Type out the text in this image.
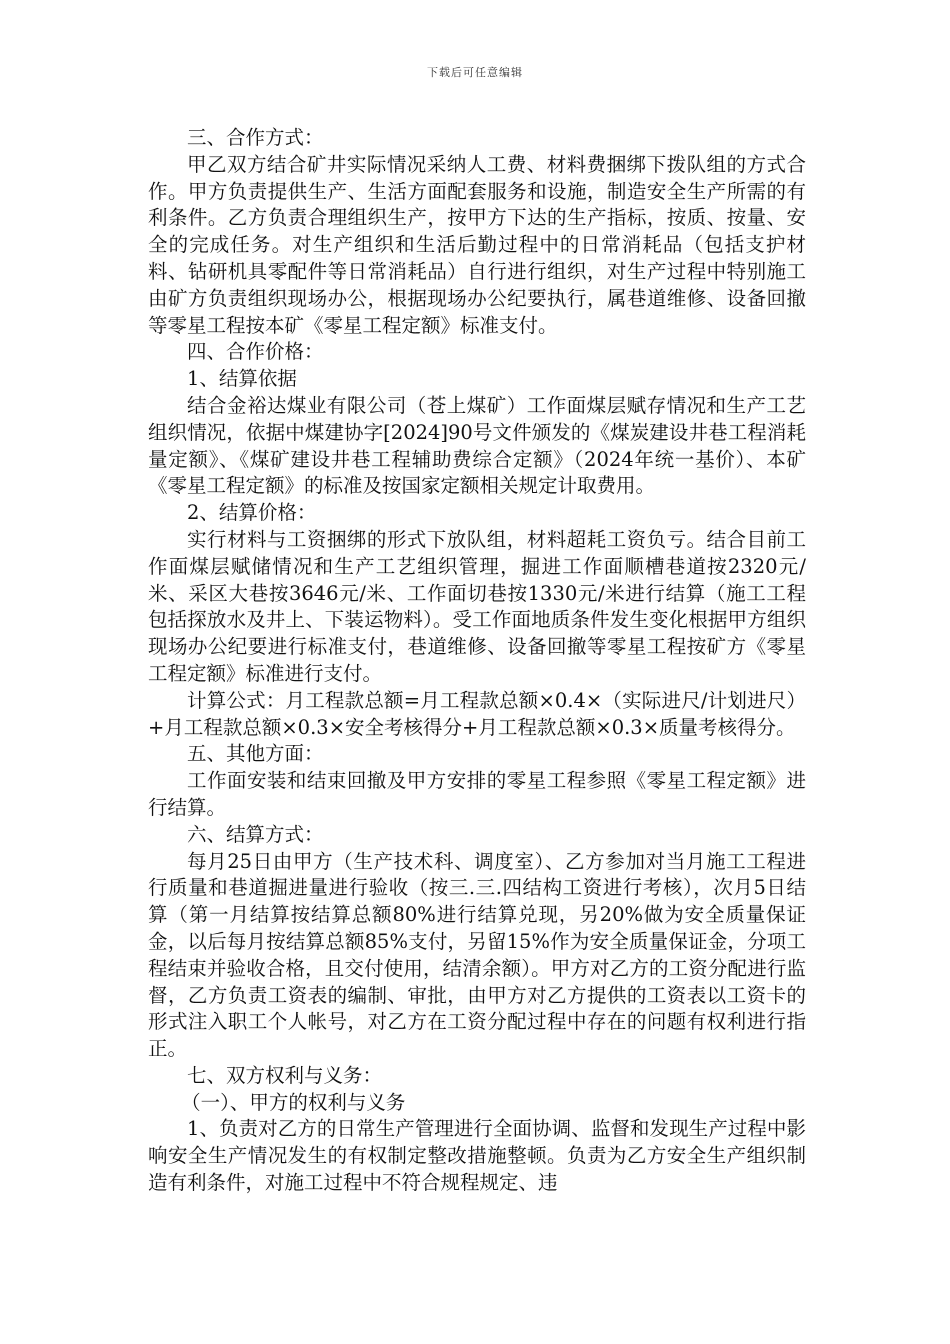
下载后可任意编辑

三、合作方式：

甲乙双方结合矿井实际情况采纳人工费、材料费捆绑下拨队组的方式合作。甲方负责提供生产、生活方面配套服务和设施，制造安全生产所需的有利条件。乙方负责合理组织生产，按甲方下达的生产指标，按质、按量、安全的完成任务。对生产组织和生活后勤过程中的日常消耗品（包括支护材料、钻研机具零配件等日常消耗品）自行进行组织，对生产过程中特别施工由矿方负责组织现场办公，根据现场办公纪要执行，属巷道维修、设备回撤等零星工程按本矿《零星工程定额》标准支付。

四、合作价格：

1、结算依据

结合金裕达煤业有限公司（苍上煤矿）工作面煤层赋存情况和生产工艺组织情况，依据中煤建协字[2024]90号文件颁发的《煤炭建设井巷工程消耗量定额》、《煤矿建设井巷工程辅助费综合定额》（2024年统一基价）、本矿《零星工程定额》的标准及按国家定额相关规定计取费用。

2、结算价格：

实行材料与工资捆绑的形式下放队组，材料超耗工资负亏。结合目前工作面煤层赋储情况和生产工艺组织管理，掘进工作面顺槽巷道按2320元/米、采区大巷按3646元/米、工作面切巷按1330元/米进行结算（施工工程包括探放水及井上、下装运物料）。受工作面地质条件发生变化根据甲方组织现场办公纪要进行标准支付，巷道维修、设备回撤等零星工程按矿方《零星工程定额》标准进行支付。

计算公式：月工程款总额=月工程款总额×0.4×（实际进尺/计划进尺）+月工程款总额×0.3×安全考核得分+月工程款总额×0.3×质量考核得分。

五、其他方面：

工作面安装和结束回撤及甲方安排的零星工程参照《零星工程定额》进行结算。

六、结算方式：

每月25日由甲方（生产技术科、调度室）、乙方参加对当月施工工程进行质量和巷道掘进量进行验收（按三.三.四结构工资进行考核），次月5日结算（第一月结算按结算总额80%进行结算兑现，另20%做为安全质量保证金，以后每月按结算总额85%支付，另留15%作为安全质量保证金，分项工程结束并验收合格，且交付使用，结清余额）。甲方对乙方的工资分配进行监督，乙方负责工资表的编制、审批，由甲方对乙方提供的工资表以工资卡的形式注入职工个人帐号，对乙方在工资分配过程中存在的问题有权利进行指正。

七、双方权利与义务：

（一）、甲方的权利与义务

1、负责对乙方的日常生产管理进行全面协调、监督和发现生产过程中影响安全生产情况发生的有权制定整改措施整顿。负责为乙方安全生产组织制造有利条件，对施工过程中不符合规程规定、违
